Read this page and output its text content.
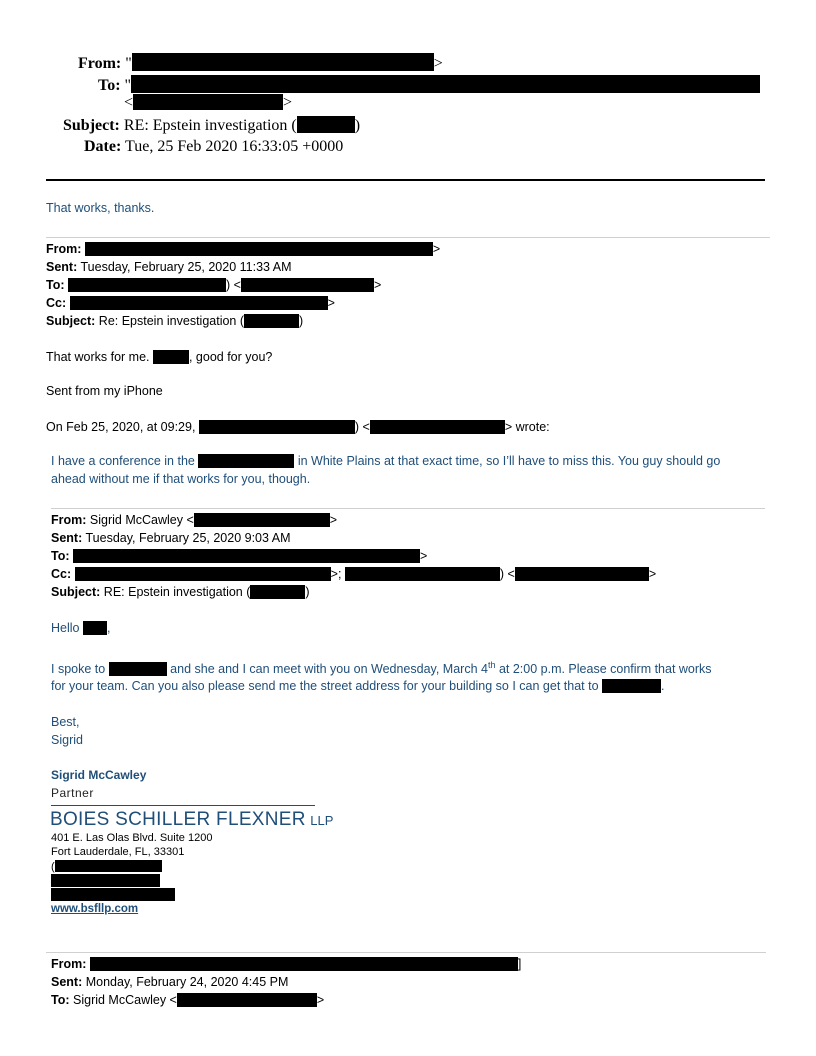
From: "	>
To: "
<	>
Subject: RE: Epstein investigation (	)
Date: Tue, 25 Feb 2020 16:33:05 +0000
That works, thanks.
From:	>
Sent: Tuesday, February 25, 2020 11:33 AM
To:	) <	>
Cc:	>
Subject: Re: Epstein investigation (	)
That works for me.	, good for you?
Sent from my iPhone
On Feb 25, 2020, at 09:29,	) <	> wrote:
I have a conference in the	in White Plains at that exact time, so I’ll have to miss this. You guy should go
ahead without me if that works for you, though.
From: Sigrid McCawley <	>
Sent: Tuesday, February 25, 2020 9:03 AM
To:	>
Cc:	>;	) <	>
Subject: RE: Epstein investigation (	)
Hello ,
I spoke to	and she and I can meet with you on Wednesday, March 4th at 2:00 p.m. Please confirm that works
for your team. Can you also please send me the street address for your building so I can get that to	.
Best,
Sigrid
Sigrid McCawley
Partner
BOIES SCHILLER FLEXNER LLP
401 E. Las Olas Blvd. Suite 1200
Fort Lauderdale, FL, 33301
(
www.bsfllp.com
From:	]
Sent: Monday, February 24, 2020 4:45 PM
To: Sigrid McCawley <	>
